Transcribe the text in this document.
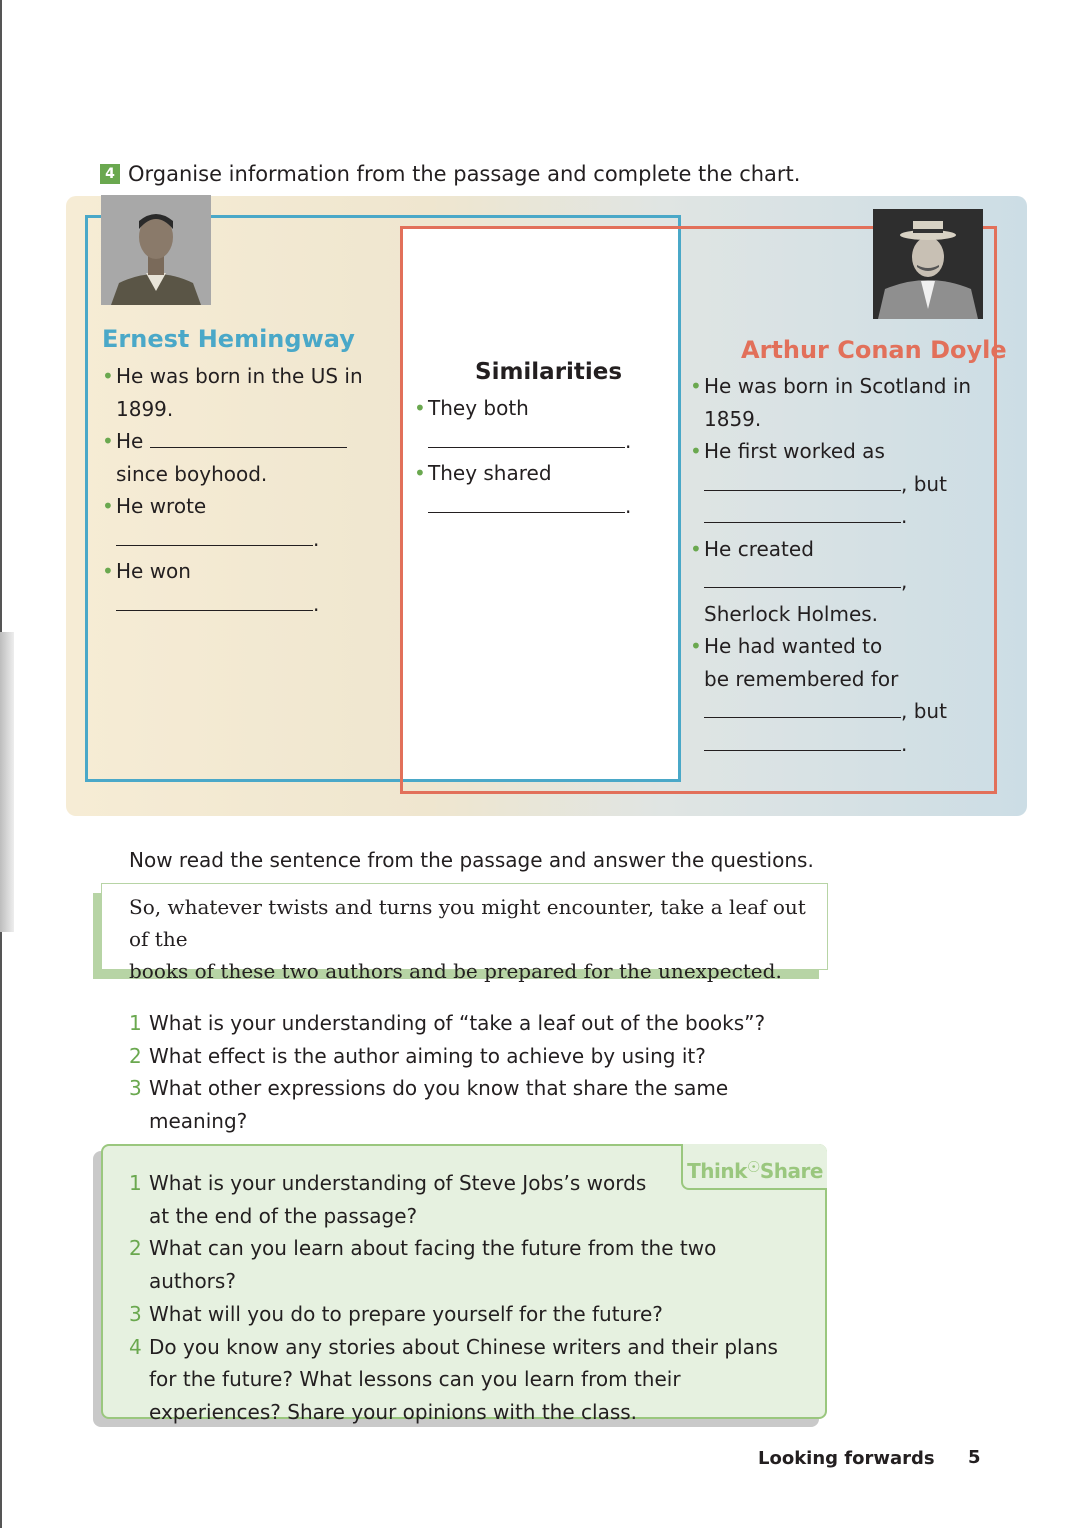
4 Organise information from the passage and complete the chart.
Ernest Hemingway

• He was born in the US in

1899.

• He

since boyhood.

• He wrote

.

• He won

.

Similarities

• They both

.

• They shared

.

Arthur Conan Doyle

• He was born in Scotland in

1859.

• He first worked as

, but

.

• He created

,

Sherlock Holmes.

• He had wanted to

be remembered for

, but

.

Now read the sentence from the passage and answer the questions.
So, whatever twists and turns you might encounter, take a leaf out of the
books of these two authors and be prepared for the unexpected.
1 What is your understanding of “take a leaf out of the books”?
2 What effect is the author aiming to achieve by using it?
3 What other expressions do you know that share the same meaning?
Think☉Share
1 What is your understanding of Steve Jobs’s words at the end of the passage?
2 What can you learn about facing the future from the two authors?
3 What will you do to prepare yourself for the future?
4 Do you know any stories about Chinese writers and their plans for the future? What lessons can you learn from their experiences? Share your opinions with the class.
Looking forwards 5
